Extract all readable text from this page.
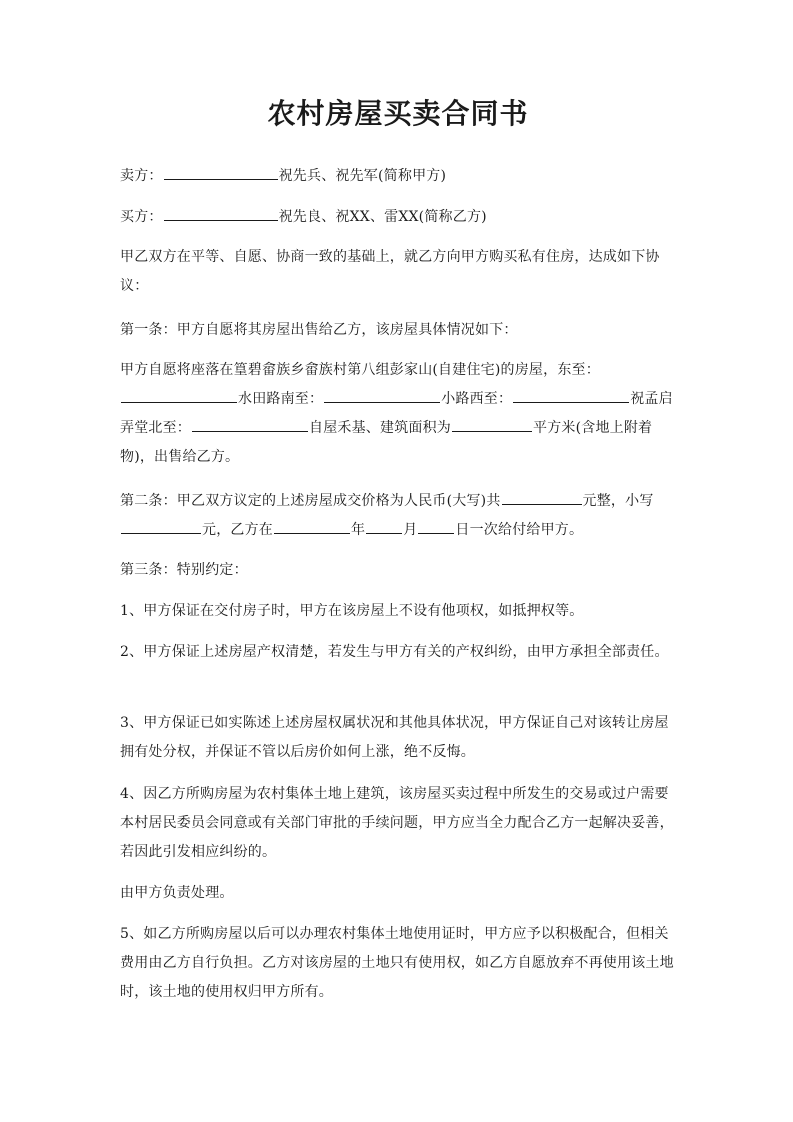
农村房屋买卖合同书

卖方：	祝先兵、祝先军(简称甲方)

买方：	祝先良、祝XX、雷XX(简称乙方)

甲乙双方在平等、自愿、协商一致的基础上，就乙方向甲方购买私有住房，达成如下协议：

第一条：甲方自愿将其房屋出售给乙方，该房屋具体情况如下：

甲方自愿将座落在篁碧畲族乡畲族村第八组彭家山(自建住宅)的房屋，东至：水田路南至：	小路西至：	祝孟启弄堂北至：	自屋禾基、建筑面积为	平方米(含地上附着物)，出售给乙方。

第二条：甲乙双方议定的上述房屋成交价格为人民币(大写)共	元整，小写元，乙方在	年	月	日一次给付给甲方。

第三条：特别约定：

1、甲方保证在交付房子时，甲方在该房屋上不设有他项权，如抵押权等。

2、甲方保证上述房屋产权清楚，若发生与甲方有关的产权纠纷，由甲方承担全部责任。

3、甲方保证已如实陈述上述房屋权属状况和其他具体状况，甲方保证自己对该转让房屋拥有处分权，并保证不管以后房价如何上涨，绝不反悔。

4、因乙方所购房屋为农村集体土地上建筑，该房屋买卖过程中所发生的交易或过户需要本村居民委员会同意或有关部门审批的手续问题，甲方应当全力配合乙方一起解决妥善，若因此引发相应纠纷的。

由甲方负责处理。

5、如乙方所购房屋以后可以办理农村集体土地使用证时，甲方应予以积极配合，但相关费用由乙方自行负担。乙方对该房屋的土地只有使用权，如乙方自愿放弃不再使用该土地时，该土地的使用权归甲方所有。
